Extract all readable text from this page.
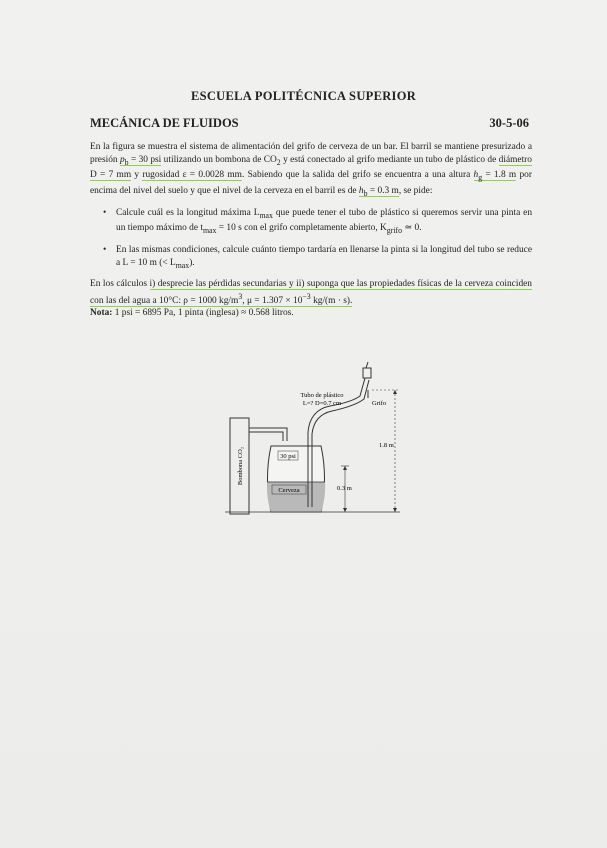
ESCUELA POLITÉCNICA SUPERIOR
MECÁNICA DE FLUIDOS	30-5-06

En la figura se muestra el sistema de alimentación del grifo de cerveza de un bar. El barril se mantiene presurizado a presión $p_b = 30$ psi utilizando un bombona de $CO_2$ y está conectado al grifo mediante un tubo de plástico de diámetro D = 7 mm y rugosidad ε = 0.0028 mm. Sabiendo que la salida del grifo se encuentra a una altura $h_g = 1.8$ m por encima del nivel del suelo y que el nivel de la cerveza en el barril es de $h_b = 0.3$ m, se pide:

• Calcule cuál es la longitud máxima $L_{max}$ que puede tener el tubo de plástico si queremos servir una pinta en un tiempo máximo de $t_{max} = 10$ s con el grifo completamente abierto, $K_{grifo}$ ≃ 0.
• En las mismas condiciones, calcule cuánto tiempo tardaría en llenarse la pinta si la longitud del tubo se reduce a L = 10 m (< $L_{max}$).

En los cálculos i) desprecie las pérdidas secundarias y ii) suponga que las propiedades físicas de la cerveza coinciden con las del agua a 10°C: ρ = 1000 $kg/m^3$, $\mu = 1.307 \times 10^{-3}$ kg/(m · s).

Nota: 1 psi = 6895 Pa, 1 pinta (inglesa) ≈ 0.568 litros.

Bombona CO₂	30 psi
Cerveza
Tubo de plástico
L=? D=0.7 cm	Grifo
1.8 m
0.3 m
